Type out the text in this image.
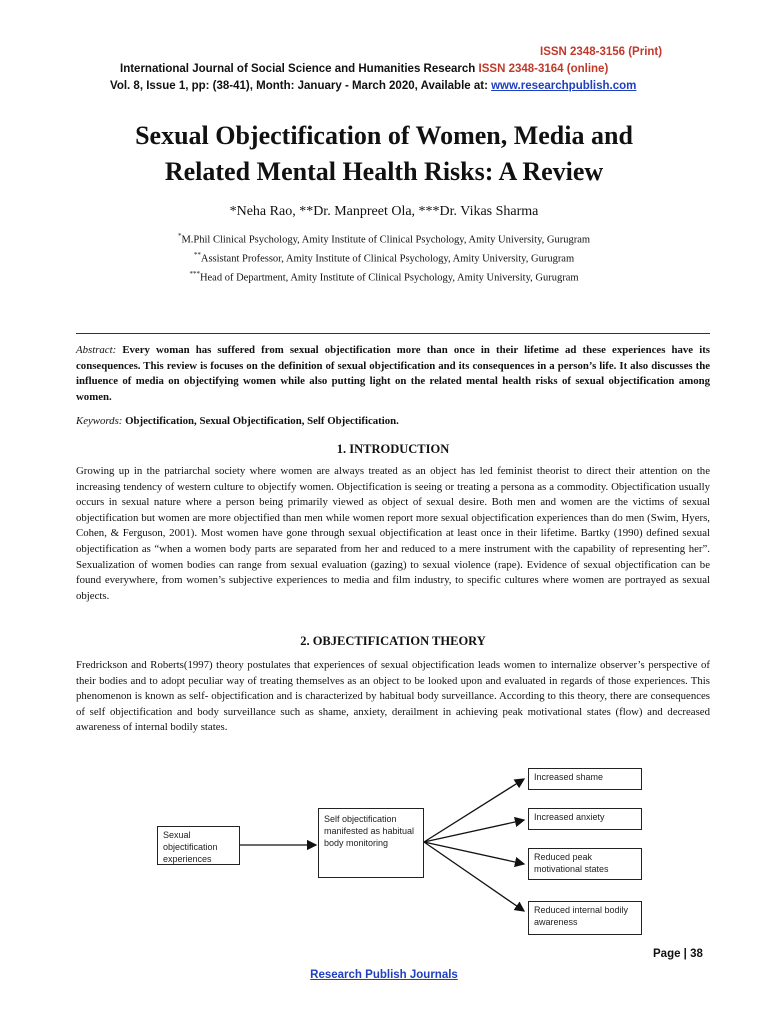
ISSN 2348-3156 (Print)
International Journal of Social Science and Humanities Research ISSN 2348-3164 (online)
Vol. 8, Issue 1, pp: (38-41), Month: January - March 2020, Available at: www.researchpublish.com
Sexual Objectification of Women, Media and
Related Mental Health Risks: A Review
*Neha Rao, **Dr. Manpreet Ola, ***Dr. Vikas Sharma
*M.Phil Clinical Psychology, Amity Institute of Clinical Psychology, Amity University, Gurugram
**Assistant Professor, Amity Institute of Clinical Psychology, Amity University, Gurugram
***Head of Department, Amity Institute of Clinical Psychology, Amity University, Gurugram
Abstract: Every woman has suffered from sexual objectification more than once in their lifetime ad these experiences have its consequences. This review is focuses on the definition of sexual objectification and its consequences in a person’s life. It also discusses the influence of media on objectifying women while also putting light on the related mental health risks of sexual objectification among women.
Keywords: Objectification, Sexual Objectification, Self Objectification.
1. INTRODUCTION
Growing up in the patriarchal society where women are always treated as an object has led feminist theorist to direct their attention on the increasing tendency of western culture to objectify women. Objectification is seeing or treating a persona as a commodity. Objectification usually occurs in sexual nature where a person being primarily viewed as object of sexual desire. Both men and women are the victims of sexual objectification but women are more objectified than men while women report more sexual objectification experiences than do men (Swim, Hyers, Cohen, & Ferguson, 2001). Most women have gone through sexual objectification at least once in their lifetime. Bartky (1990) defined sexual objectification as “when a women body parts are separated from her and reduced to a mere instrument with the capability of representing her”. Sexualization of women bodies can range from sexual evaluation (gazing) to sexual violence (rape). Evidence of sexual objectification can be found everywhere, from women’s subjective experiences to media and film industry, to specific cultures where women are portrayed as sexual objects.
2. OBJECTIFICATION THEORY
Fredrickson and Roberts(1997) theory postulates that experiences of sexual objectification leads women to internalize observer’s perspective of their bodies and to adopt peculiar way of treating themselves as an object to be looked upon and evaluated in regards of those experiences. This phenomenon is known as self- objectification and is characterized by habitual body surveillance. According to this theory, there are consequences of self objectification and body surveillance such as shame, anxiety, derailment in achieving peak motivational states (flow) and decreased awareness of internal bodily states.
Sexual objectification experiences
Self objectification manifested as habitual body monitoring
Increased shame
Increased anxiety
Reduced peak motivational states
Reduced internal bodily awareness
Page | 38
Research Publish Journals
